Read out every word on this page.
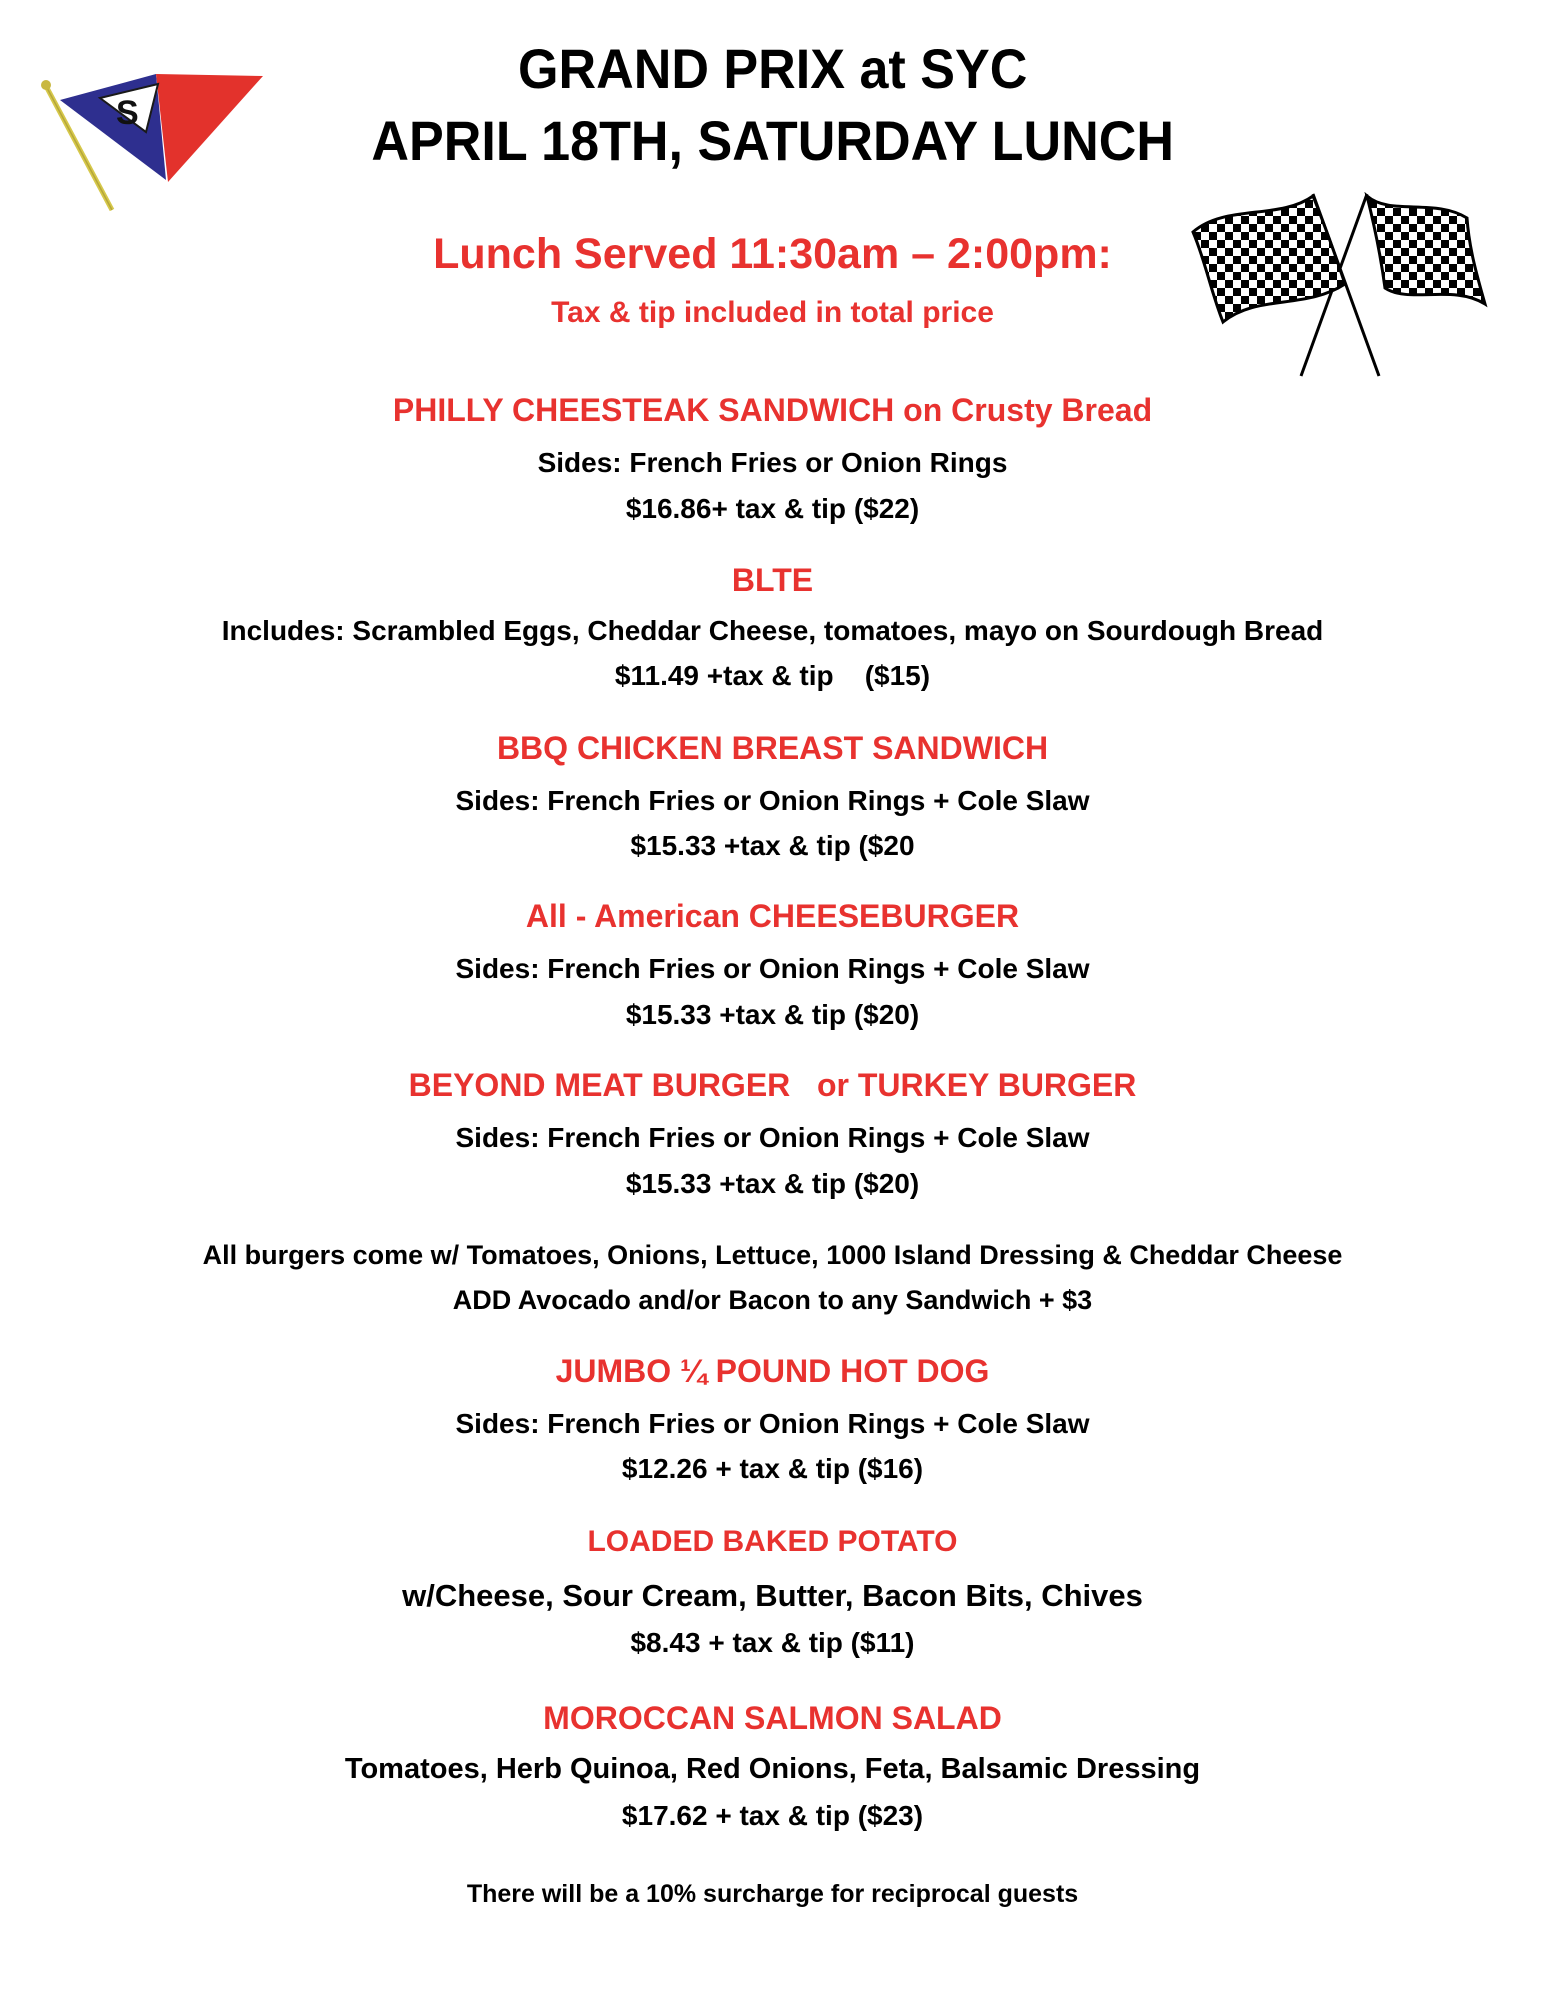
S
GRAND PRIX at SYC
APRIL 18TH, SATURDAY LUNCH
Lunch Served 11:30am – 2:00pm:
Tax & tip included in total price
PHILLY CHEESTEAK SANDWICH on Crusty Bread
Sides: French Fries or Onion Rings
$16.86+ tax & tip ($22)
BLTE
Includes: Scrambled Eggs, Cheddar Cheese, tomatoes, mayo on Sourdough Bread
$11.49 +tax & tip    ($15)
BBQ CHICKEN BREAST SANDWICH
Sides: French Fries or Onion Rings + Cole Slaw
$15.33 +tax & tip ($20
All - American CHEESEBURGER
Sides: French Fries or Onion Rings + Cole Slaw
$15.33 +tax & tip ($20)
BEYOND MEAT BURGER   or TURKEY BURGER
Sides: French Fries or Onion Rings + Cole Slaw
$15.33 +tax & tip ($20)
All burgers come w/ Tomatoes, Onions, Lettuce, 1000 Island Dressing & Cheddar Cheese
ADD Avocado and/or Bacon to any Sandwich + $3
JUMBO ¼ POUND HOT DOG
Sides: French Fries or Onion Rings + Cole Slaw
$12.26 + tax & tip ($16)
LOADED BAKED POTATO
w/Cheese, Sour Cream, Butter, Bacon Bits, Chives
$8.43 + tax & tip ($11)
MOROCCAN SALMON SALAD
Tomatoes, Herb Quinoa, Red Onions, Feta, Balsamic Dressing
$17.62 + tax & tip ($23)
There will be a 10% surcharge for reciprocal guests
